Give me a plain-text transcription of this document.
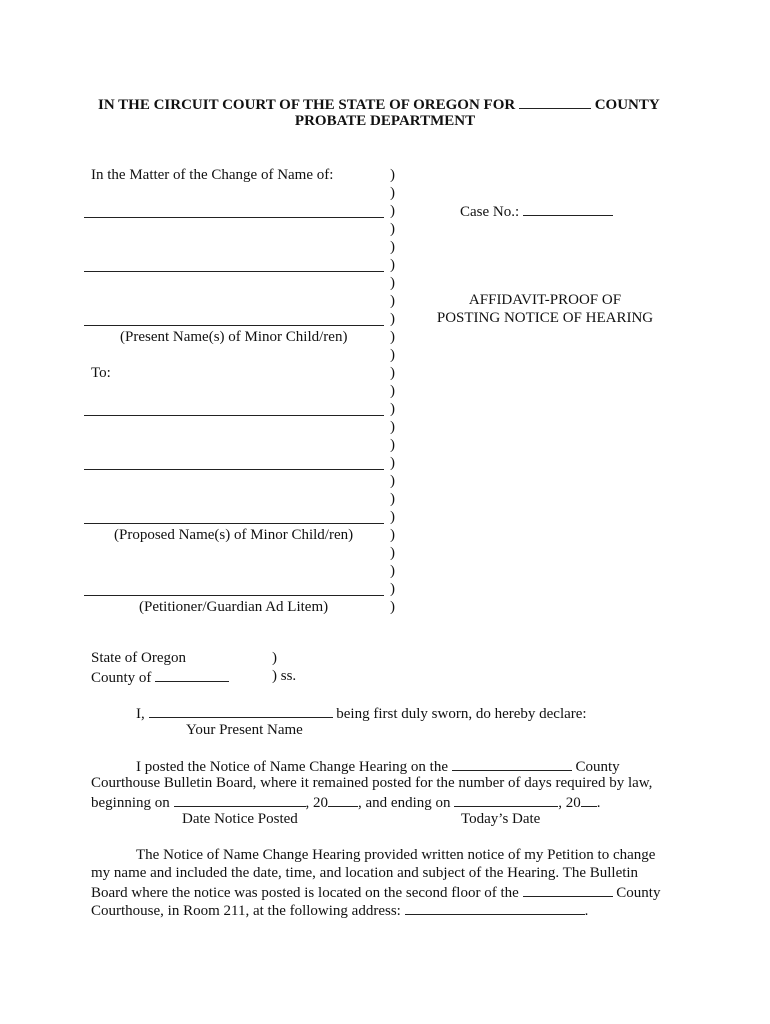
IN THE CIRCUIT COURT OF THE STATE OF OREGON FOR	COUNTY
PROBATE DEPARTMENT
In the Matter of the Change of Name of:
(Present Name(s) of Minor Child/ren)
To:
(Proposed Name(s) of Minor Child/ren)
(Petitioner/Guardian Ad Litem)
)
)
)
)
)
)
)
)
)
)
)
)
)
)
)
)
)
)
)
)
)
)
)
)
)
Case No.:
AFFIDAVIT-PROOF OF
POSTING NOTICE OF HEARING
State of Oregon	)
County of	) ss.
I,	being first duly sworn, do hereby declare:
Your Present Name
I posted the Notice of Name Change Hearing on the	County
Courthouse Bulletin Board, where it remained posted for the number of days required by law,
beginning on	, 20 , and ending on	, 20 .
Date Notice Posted	Today’s Date
The Notice of Name Change Hearing provided written notice of my Petition to change
my name and included the date, time, and location and subject of the Hearing. The Bulletin
Board where the notice was posted is located on the second floor of the	County
Courthouse, in Room 211, at the following address:	.
